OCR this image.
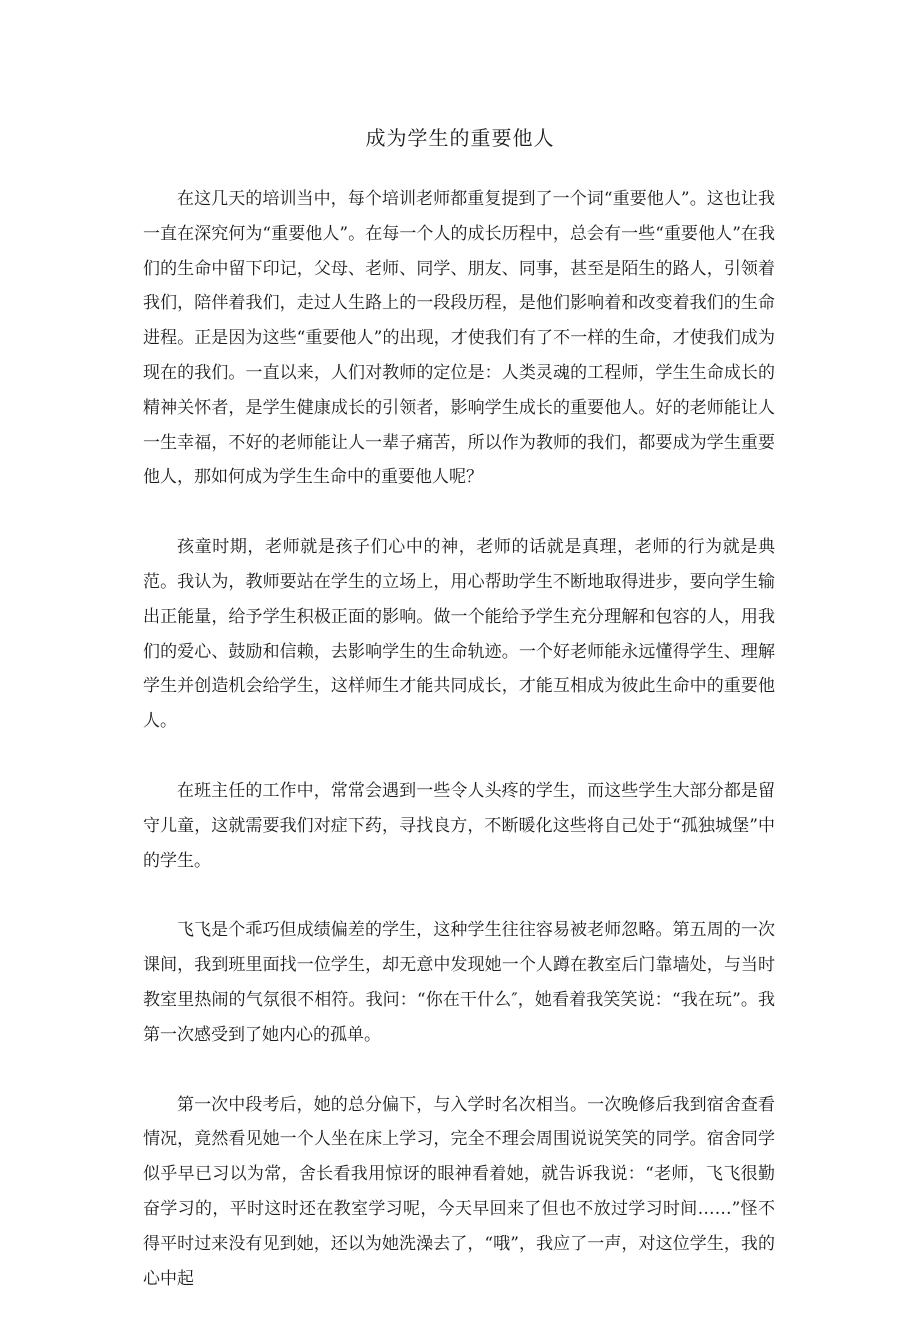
成为学生的重要他人

在这几天的培训当中，每个培训老师都重复提到了一个词“重要他人”。这也让我一直在深究何为“重要他人”。在每一个人的成长历程中，总会有一些“重要他人”在我们的生命中留下印记，父母、老师、同学、朋友、同事，甚至是陌生的路人，引领着我们，陪伴着我们，走过人生路上的一段段历程，是他们影响着和改变着我们的生命进程。正是因为这些“重要他人”的出现，才使我们有了不一样的生命，才使我们成为现在的我们。一直以来，人们对教师的定位是：人类灵魂的工程师，学生生命成长的精神关怀者，是学生健康成长的引领者，影响学生成长的重要他人。好的老师能让人一生幸福，不好的老师能让人一辈子痛苦，所以作为教师的我们，都要成为学生重要他人，那如何成为学生生命中的重要他人呢？

孩童时期，老师就是孩子们心中的神，老师的话就是真理，老师的行为就是典范。我认为，教师要站在学生的立场上，用心帮助学生不断地取得进步，要向学生输出正能量，给予学生积极正面的影响。做一个能给予学生充分理解和包容的人，用我们的爱心、鼓励和信赖，去影响学生的生命轨迹。一个好老师能永远懂得学生、理解学生并创造机会给学生，这样师生才能共同成长，才能互相成为彼此生命中的重要他人。

在班主任的工作中，常常会遇到一些令人头疼的学生，而这些学生大部分都是留守儿童，这就需要我们对症下药，寻找良方，不断暖化这些将自己处于“孤独城堡”中的学生。

飞飞是个乖巧但成绩偏差的学生，这种学生往往容易被老师忽略。第五周的一次课间，我到班里面找一位学生，却无意中发现她一个人蹲在教室后门靠墙处，与当时教室里热闹的气氛很不相符。我问：“你在干什么″，她看着我笑笑说：“我在玩”。我第一次感受到了她内心的孤单。

第一次中段考后，她的总分偏下，与入学时名次相当。一次晚修后我到宿舍查看情况，竟然看见她一个人坐在床上学习，完全不理会周围说说笑笑的同学。宿舍同学似乎早已习以为常，舍长看我用惊讶的眼神看着她，就告诉我说：“老师，飞飞很勤奋学习的，平时这时还在教室学习呢，今天早回来了但也不放过学习时间……”怪不得平时过来没有见到她，还以为她洗澡去了，“哦”，我应了一声，对这位学生，我的心中起
